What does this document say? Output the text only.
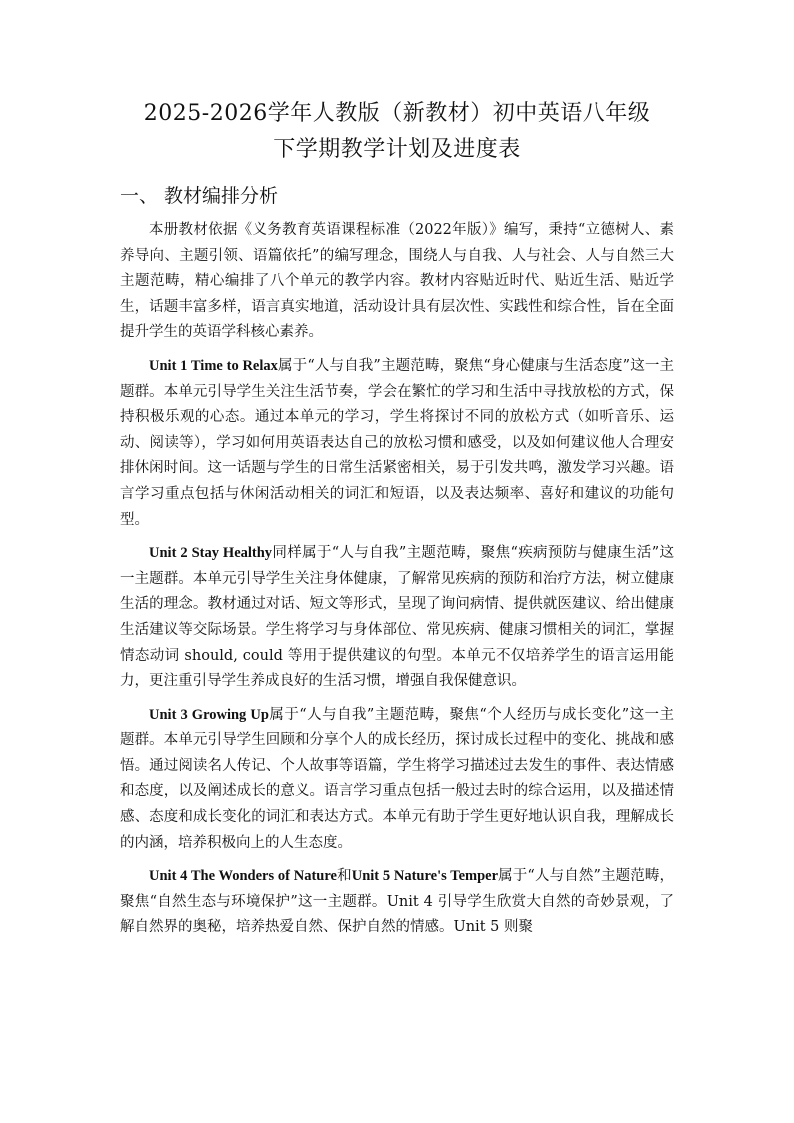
2025-2026学年人教版（新教材）初中英语八年级
下学期教学计划及进度表
一、 教材编排分析

本册教材依据《义务教育英语课程标准（2022年版）》编写，秉持“立德树人、素养导向、主题引领、语篇依托”的编写理念，围绕人与自我、人与社会、人与自然三大主题范畴，精心编排了八个单元的教学内容。教材内容贴近时代、贴近生活、贴近学生，话题丰富多样，语言真实地道，活动设计具有层次性、实践性和综合性，旨在全面提升学生的英语学科核心素养。

Unit 1 Time to Relax属于“人与自我”主题范畴，聚焦“身心健康与生活态度”这一主题群。本单元引导学生关注生活节奏，学会在繁忙的学习和生活中寻找放松的方式，保持积极乐观的心态。通过本单元的学习，学生将探讨不同的放松方式（如听音乐、运动、阅读等），学习如何用英语表达自己的放松习惯和感受，以及如何建议他人合理安排休闲时间。这一话题与学生的日常生活紧密相关，易于引发共鸣，激发学习兴趣。语言学习重点包括与休闲活动相关的词汇和短语，以及表达频率、喜好和建议的功能句型。

Unit 2 Stay Healthy同样属于“人与自我”主题范畴，聚焦“疾病预防与健康生活”这一主题群。本单元引导学生关注身体健康，了解常见疾病的预防和治疗方法，树立健康生活的理念。教材通过对话、短文等形式，呈现了询问病情、提供就医建议、给出健康生活建议等交际场景。学生将学习与身体部位、常见疾病、健康习惯相关的词汇，掌握情态动词 should, could 等用于提供建议的句型。本单元不仅培养学生的语言运用能力，更注重引导学生养成良好的生活习惯，增强自我保健意识。

Unit 3 Growing Up属于“人与自我”主题范畴，聚焦“个人经历与成长变化”这一主题群。本单元引导学生回顾和分享个人的成长经历，探讨成长过程中的变化、挑战和感悟。通过阅读名人传记、个人故事等语篇，学生将学习描述过去发生的事件、表达情感和态度，以及阐述成长的意义。语言学习重点包括一般过去时的综合运用，以及描述情感、态度和成长变化的词汇和表达方式。本单元有助于学生更好地认识自我，理解成长的内涵，培养积极向上的人生态度。

Unit 4 The Wonders of Nature和Unit 5 Nature's Temper属于“人与自然”主题范畴，聚焦“自然生态与环境保护”这一主题群。Unit 4 引导学生欣赏大自然的奇妙景观，了解自然界的奥秘，培养热爱自然、保护自然的情感。Unit 5 则聚
